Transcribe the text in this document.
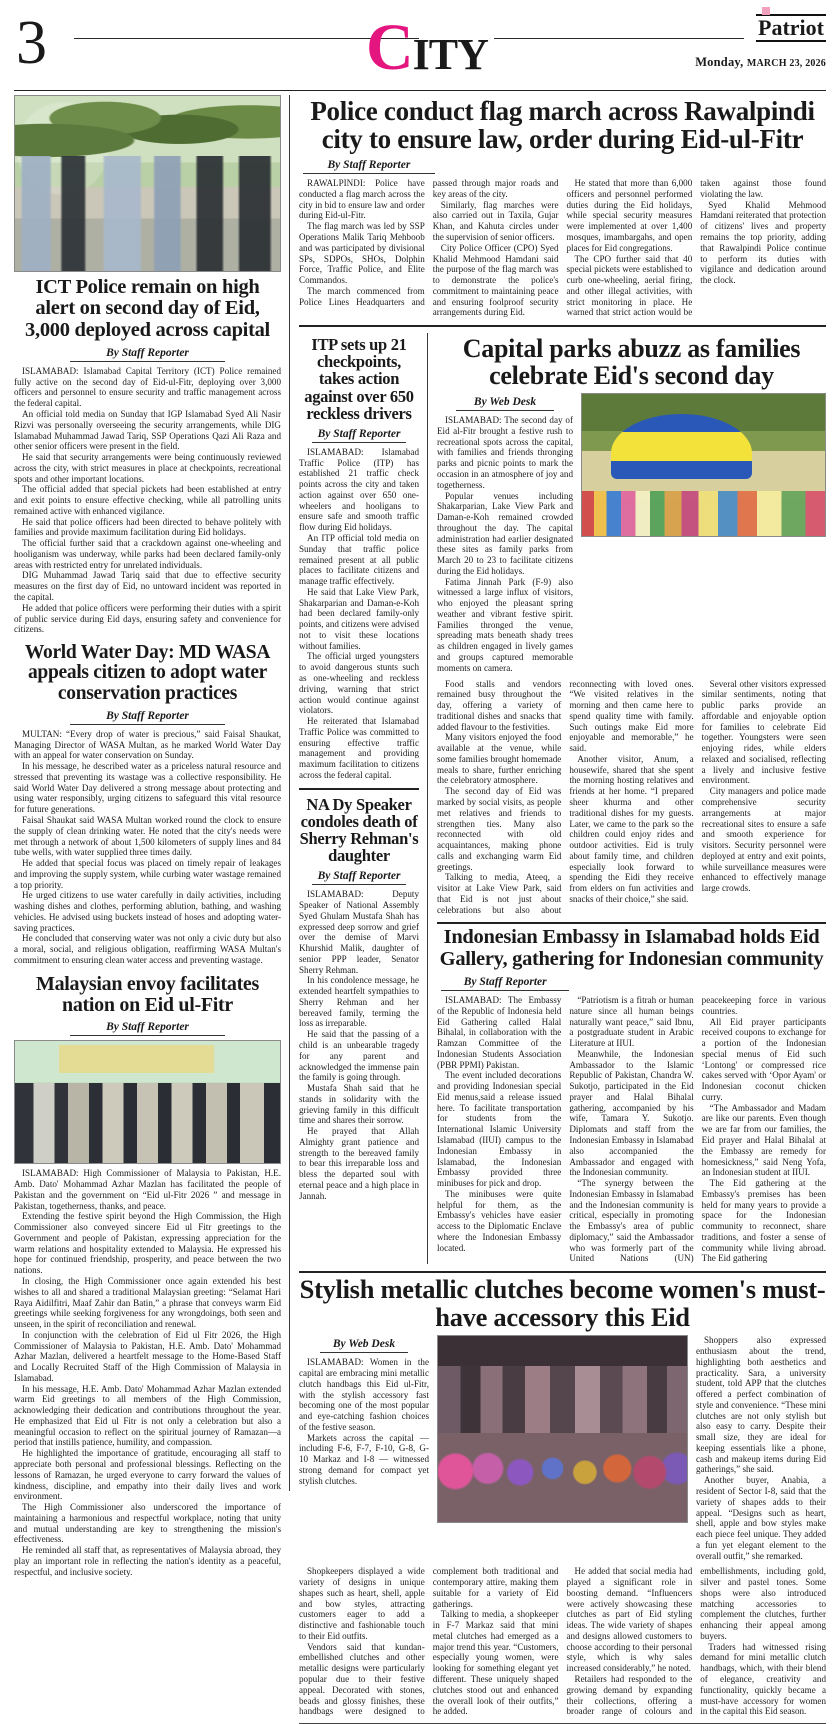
3	CITY
Patriot
Monday, MARCH 23, 2026
ICT Police remain on high alert on second day of Eid, 3,000 deployed across capital
By Staff Reporter

ISLAMABAD: Islamabad Capital Territory (ICT) Police remained fully active on the second day of Eid-ul-Fitr, deploying over 3,000 officers and personnel to ensure security and traffic management across the federal capital.

An official told media on Sunday that IGP Islamabad Syed Ali Nasir Rizvi was personally overseeing the security arrangements, while DIG Islamabad Muhammad Jawad Tariq, SSP Operations Qazi Ali Raza and other senior officers were present in the field.

He said that security arrangements were being continuously reviewed across the city, with strict measures in place at checkpoints, recreational spots and other important locations.

The official added that special pickets had been established at entry and exit points to ensure effective checking, while all patrolling units remained active with enhanced vigilance.

He said that police officers had been directed to behave politely with families and provide maximum facilitation during Eid holidays.

The official further said that a crackdown against one-wheeling and hooliganism was underway, while parks had been declared family-only areas with restricted entry for unrelated individuals.

DIG Muhammad Jawad Tariq said that due to effective security measures on the first day of Eid, no untoward incident was reported in the capital.

He added that police officers were performing their duties with a spirit of public service during Eid days, ensuring safety and convenience for citizens.

World Water Day: MD WASA appeals citizen to adopt water conservation practices
By Staff Reporter

MULTAN: “Every drop of water is precious,” said Faisal Shaukat, Managing Director of WASA Multan, as he marked World Water Day with an appeal for water conservation on Sunday.

In his message, he described water as a priceless natural resource and stressed that preventing its wastage was a collective responsibility. He said World Water Day delivered a strong message about protecting and using water responsibly, urging citizens to safeguard this vital resource for future generations.

Faisal Shaukat said WASA Multan worked round the clock to ensure the supply of clean drinking water. He noted that the city's needs were met through a network of about 1,500 kilometers of supply lines and 84 tube wells, with water supplied three times daily.

He added that special focus was placed on timely repair of leakages and improving the supply system, while curbing water wastage remained a top priority.

He urged citizens to use water carefully in daily activities, including washing dishes and clothes, performing ablution, bathing, and washing vehicles. He advised using buckets instead of hoses and adopting water-saving practices.

He concluded that conserving water was not only a civic duty but also a moral, social, and religious obligation, reaffirming WASA Multan's commitment to ensuring clean water access and preventing wastage.

Malaysian envoy facilitates nation on Eid ul-Fitr
By Staff Reporter

ISLAMABAD: High Commissioner of Malaysia to Pakistan, H.E. Amb. Dato' Mohammad Azhar Mazlan has facilitated the people of Pakistan and the government on “Eid ul-Fitr 2026 ” and message in Pakistan, togetherness, thanks, and peace.

Extending the festive spirit beyond the High Commission, the High Commissioner also conveyed sincere Eid ul Fitr greetings to the Government and people of Pakistan, expressing appreciation for the warm relations and hospitality extended to Malaysia. He expressed his hope for continued friendship, prosperity, and peace between the two nations.

In closing, the High Commissioner once again extended his best wishes to all and shared a traditional Malaysian greeting: “Selamat Hari Raya Aidilfitri, Maaf Zahir dan Batin,” a phrase that conveys warm Eid greetings while seeking forgiveness for any wrongdoings, both seen and unseen, in the spirit of reconciliation and renewal.

In conjunction with the celebration of Eid ul Fitr 2026, the High Commissioner of Malaysia to Pakistan, H.E. Amb. Dato' Mohammad Azhar Mazlan, delivered a heartfelt message to the Home-Based Staff and Locally Recruited Staff of the High Commission of Malaysia in Islamabad.

In his message, H.E. Amb. Dato' Mohammad Azhar Mazlan extended warm Eid greetings to all members of the High Commission, acknowledging their dedication and contributions throughout the year. He emphasized that Eid ul Fitr is not only a celebration but also a meaningful occasion to reflect on the spiritual journey of Ramazan—a period that instills patience, humility, and compassion.

He highlighted the importance of gratitude, encouraging all staff to appreciate both personal and professional blessings. Reflecting on the lessons of Ramazan, he urged everyone to carry forward the values of kindness, discipline, and empathy into their daily lives and work environment.

The High Commissioner also underscored the importance of maintaining a harmonious and respectful workplace, noting that unity and mutual understanding are key to strengthening the mission's effectiveness.

He reminded all staff that, as representatives of Malaysia abroad, they play an important role in reflecting the nation's identity as a peaceful, respectful, and inclusive society.

Police conduct flag march across Rawalpindi city to ensure law, order during Eid-ul-Fitr
By Staff Reporter

RAWALPINDI: Police have conducted a flag march across the city in bid to ensure law and order during Eid-ul-Fitr.

The flag march was led by SSP Operations Malik Tariq Mehboob and was participated by divisional SPs, SDPOs, SHOs, Dolphin Force, Traffic Police, and Elite Commandos.

The march commenced from Police Lines Headquarters and passed through major roads and key areas of the city.

Similarly, flag marches were also carried out in Taxila, Gujar Khan, and Kahuta circles under the supervision of senior officers.

City Police Officer (CPO) Syed Khalid Mehmood Hamdani said the purpose of the flag march was to demonstrate the police's commitment to maintaining peace and ensuring foolproof security arrangements during Eid.

He stated that more than 6,000 officers and personnel performed duties during the Eid holidays, while special security measures were implemented at over 1,400 mosques, imambargahs, and open places for Eid congregations.

The CPO further said that 40 special pickets were established to curb one-wheeling, aerial firing, and other illegal activities, with strict monitoring in place. He warned that strict action would be taken against those found violating the law.

Syed Khalid Mehmood Hamdani reiterated that protection of citizens' lives and property remains the top priority, adding that Rawalpindi Police continue to perform its duties with vigilance and dedication around the clock.

ITP sets up 21 checkpoints, takes action against over 650 reckless drivers
By Staff Reporter

ISLAMABAD: Islamabad Traffic Police (ITP) has established 21 traffic check points across the city and taken action against over 650 one-wheelers and hooligans to ensure safe and smooth traffic flow during Eid holidays.

An ITP official told media on Sunday that traffic police remained present at all public places to facilitate citizens and manage traffic effectively.

He said that Lake View Park, Shakarparian and Daman-e-Koh had been declared family-only points, and citizens were advised not to visit these locations without families.

The official urged youngsters to avoid dangerous stunts such as one-wheeling and reckless driving, warning that strict action would continue against violators.

He reiterated that Islamabad Traffic Police was committed to ensuring effective traffic management and providing maximum facilitation to citizens across the federal capital.

NA Dy Speaker condoles death of Sherry Rehman's daughter
By Staff Reporter

ISLAMABAD: Deputy Speaker of National Assembly Syed Ghulam Mustafa Shah has expressed deep sorrow and grief over the demise of Marvi Khurshid Malik, daughter of senior PPP leader, Senator Sherry Rehman.

In his condolence message, he extended heartfelt sympathies to Sherry Rehman and her bereaved family, terming the loss as irreparable.

He said that the passing of a child is an unbearable tragedy for any parent and acknowledged the immense pain the family is going through.

Mustafa Shah said that he stands in solidarity with the grieving family in this difficult time and shares their sorrow.

He prayed that Allah Almighty grant patience and strength to the bereaved family to bear this irreparable loss and bless the departed soul with eternal peace and a high place in Jannah.

Capital parks abuzz as families celebrate Eid's second day
By Web Desk

ISLAMABAD: The second day of Eid al-Fitr brought a festive rush to recreational spots across the capital, with families and friends thronging parks and picnic points to mark the occasion in an atmosphere of joy and togetherness.

Popular venues including Shakarparian, Lake View Park and Daman-e-Koh remained crowded throughout the day. The capital administration had earlier designated these sites as family parks from March 20 to 23 to facilitate citizens during the Eid holidays.

Fatima Jinnah Park (F-9) also witnessed a large influx of visitors, who enjoyed the pleasant spring weather and vibrant festive spirit. Families thronged the venue, spreading mats beneath shady trees as children engaged in lively games and groups captured memorable moments on camera.

Food stalls and vendors remained busy throughout the day, offering a variety of traditional dishes and snacks that added flavour to the festivities.

Many visitors enjoyed the food available at the venue, while some families brought homemade meals to share, further enriching the celebratory atmosphere.

The second day of Eid was marked by social visits, as people met relatives and friends to strengthen ties. Many also reconnected with old acquaintances, making phone calls and exchanging warm Eid greetings.

Talking to media, Ateeq, a visitor at Lake View Park, said that Eid is not just about celebrations but also about reconnecting with loved ones. “We visited relatives in the morning and then came here to spend quality time with family. Such outings make Eid more enjoyable and memorable,” he said.

Another visitor, Anum, a housewife, shared that she spent the morning hosting relatives and friends at her home. “I prepared sheer khurma and other traditional dishes for my guests. Later, we came to the park so the children could enjoy rides and outdoor activities. Eid is truly about family time, and children especially look forward to spending the Eidi they receive from elders on fun activities and snacks of their choice,” she said.

Several other visitors expressed similar sentiments, noting that public parks provide an affordable and enjoyable option for families to celebrate Eid together. Youngsters were seen enjoying rides, while elders relaxed and socialised, reflecting a lively and inclusive festive environment.

City managers and police made comprehensive security arrangements at major recreational sites to ensure a safe and smooth experience for visitors. Security personnel were deployed at entry and exit points, while surveillance measures were enhanced to effectively manage large crowds.

Indonesian Embassy in Islamabad holds Eid Gallery, gathering for Indonesian community
By Staff Reporter

ISLAMABAD: The Embassy of the Republic of Indonesia held Eid Gathering called Halal Bihalal, in collaboration with the Ramzan Committee of the Indonesian Students Association (PBR PPMI) Pakistan.

The event included decorations and providing Indonesian special Eid menus,said a release issued here. To facilitate transportation for students from the International Islamic University Islamabad (IIUI) campus to the Indonesian Embassy in Islamabad, the Indonesian Embassy provided three minibuses for pick and drop.

The minibuses were quite helpful for them, as the Embassy's vehicles have easier access to the Diplomatic Enclave where the Indonesian Embassy located.

“Patriotism is a fitrah or human nature since all human beings naturally want peace,” said Ibnu, a postgraduate student in Arabic Literature at IIUI.

Meanwhile, the Indonesian Ambassador to the Islamic Republic of Pakistan, Chandra W. Sukotjo, participated in the Eid prayer and Halal Bihalal gathering, accompanied by his wife, Tamara Y. Sukotjo. Diplomats and staff from the Indonesian Embassy in Islamabad also accompanied the Ambassador and engaged with the Indonesian community.

“The synergy between the Indonesian Embassy in Islamabad and the Indonesian community is critical, especially in promoting the Embassy's area of public diplomacy,” said the Ambassador who was formerly part of the United Nations (UN) peacekeeping force in various countries.

All Eid prayer participants received coupons to exchange for a portion of the Indonesian special menus of Eid such ‘Lontong' or compressed rice cakes served with ‘Opor Ayam' or Indonesian coconut chicken curry.

“The Ambassador and Madam are like our parents. Even though we are far from our families, the Eid prayer and Halal Bihalal at the Embassy are remedy for homesickness,” said Neng Yofa, an Indonesian student at IIUI.

The Eid gathering at the Embassy's premises has been held for many years to provide a space for the Indonesian community to reconnect, share traditions, and foster a sense of community while living abroad. The Eid gathering

Stylish metallic clutches become women's must-have accessory this Eid
By Web Desk

ISLAMABAD: Women in the capital are embracing mini metallic clutch handbags this Eid ul-Fitr, with the stylish accessory fast becoming one of the most popular and eye-catching fashion choices of the festive season.

Markets across the capital — including F-6, F-7, F-10, G-8, G-10 Markaz and I-8 — witnessed strong demand for compact yet stylish clutches.

Shoppers also expressed enthusiasm about the trend, highlighting both aesthetics and practicality. Sara, a university student, told APP that the clutches offered a perfect combination of style and convenience. “These mini clutches are not only stylish but also easy to carry. Despite their small size, they are ideal for keeping essentials like a phone, cash and makeup items during Eid gatherings,” she said.

Another buyer, Anabia, a resident of Sector I-8, said that the variety of shapes adds to their appeal. “Designs such as heart, shell, apple and bow styles make each piece feel unique. They added a fun yet elegant element to the overall outfit,” she remarked.

Shopkeepers displayed a wide variety of designs in unique shapes such as heart, shell, apple and bow styles, attracting customers eager to add a distinctive and fashionable touch to their Eid outfits.

Vendors said that kundan-embellished clutches and other metallic designs were particularly popular due to their festive appeal. Decorated with stones, beads and glossy finishes, these handbags were designed to complement both traditional and contemporary attire, making them suitable for a variety of Eid gatherings.

Talking to media, a shopkeeper in F-7 Markaz said that mini metal clutches had emerged as a major trend this year. “Customers, especially young women, were looking for something elegant yet different. These uniquely shaped clutches stood out and enhanced the overall look of their outfits,” he added.

He added that social media had played a significant role in boosting demand. “Influencers were actively showcasing these clutches as part of Eid styling ideas. The wide variety of shapes and designs allowed customers to choose according to their personal style, which is why sales increased considerably,” he noted.

Retailers had responded to the growing demand by expanding their collections, offering a broader range of colours and embellishments, including gold, silver and pastel tones. Some shops were also introduced matching accessories to complement the clutches, further enhancing their appeal among buyers.

Traders had witnessed rising demand for mini metallic clutch handbags, which, with their blend of elegance, creativity and functionality, quickly became a must-have accessory for women in the capital this Eid season.
